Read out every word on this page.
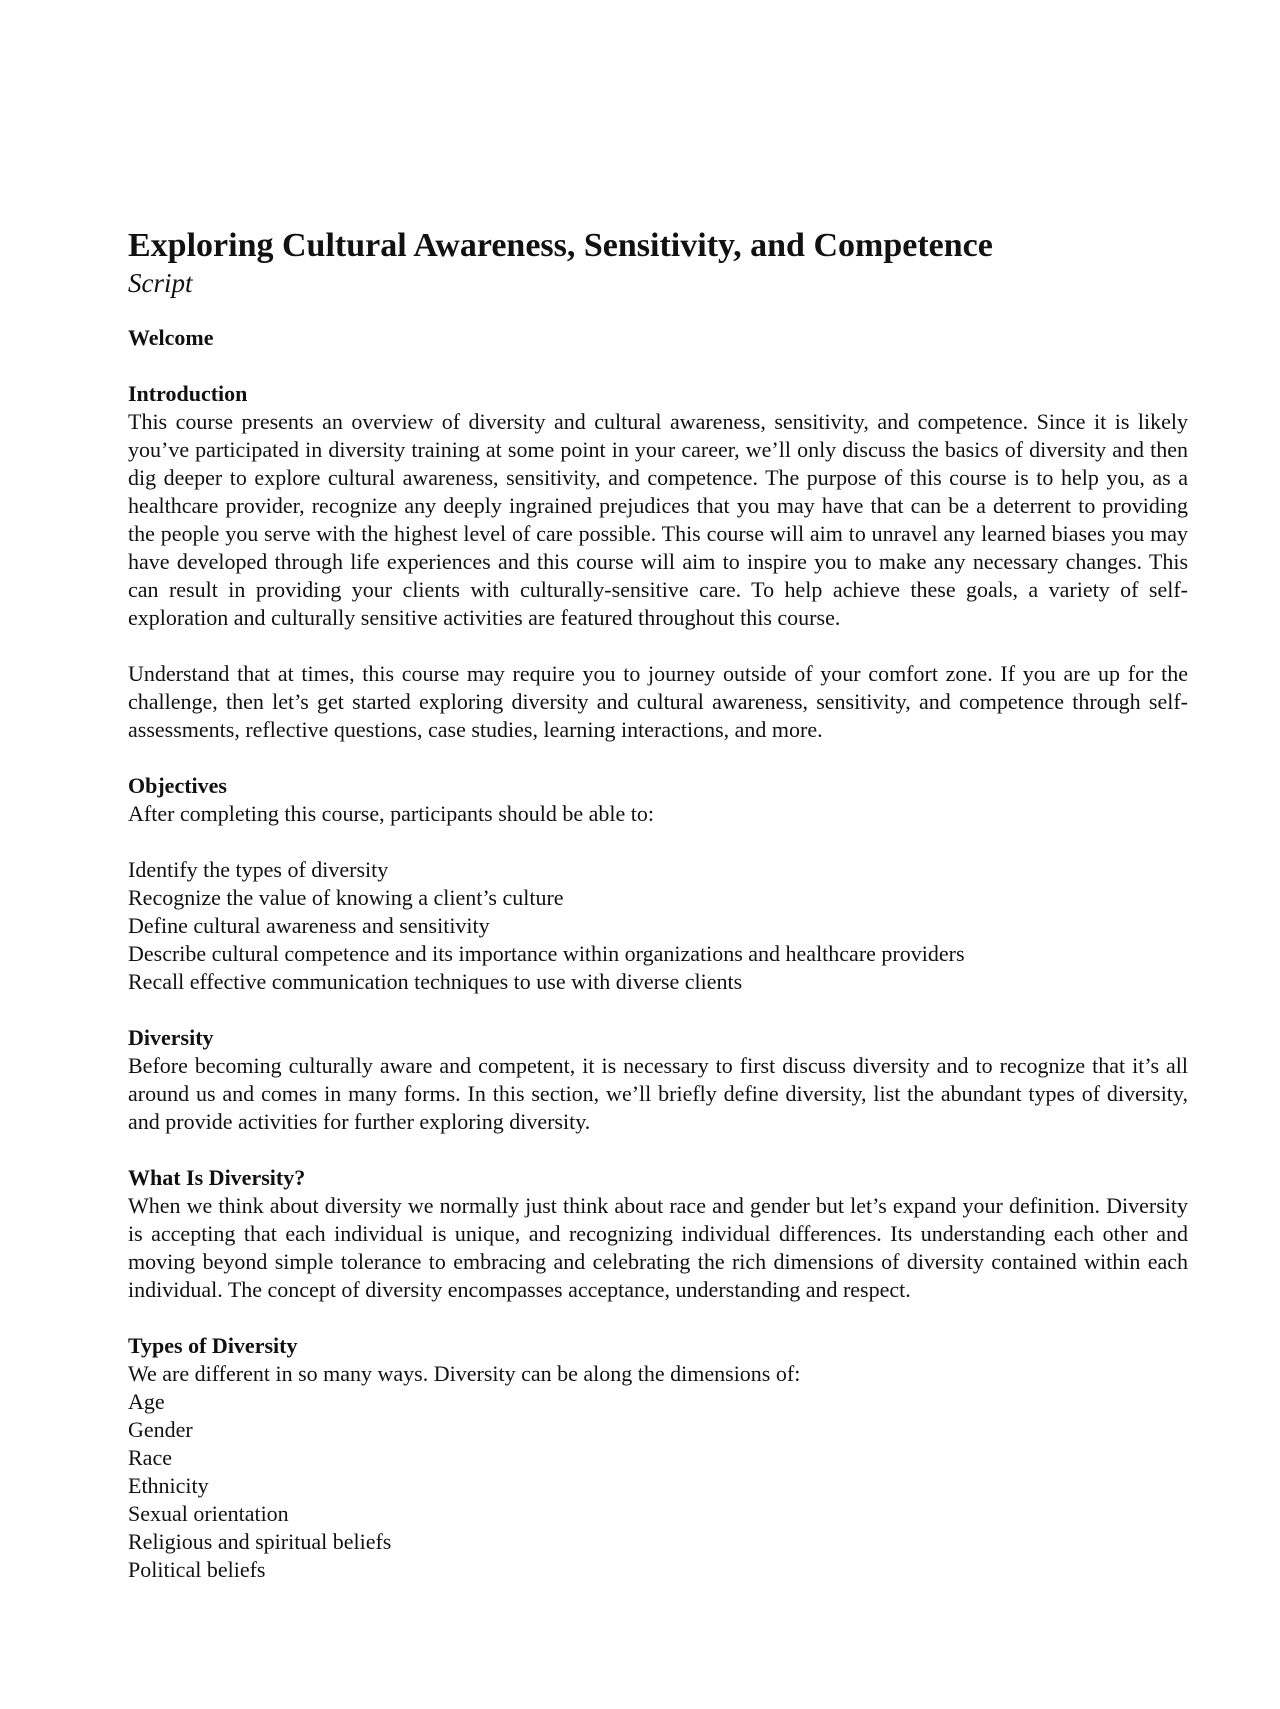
Exploring Cultural Awareness, Sensitivity, and Competence
Script
Welcome
Introduction

This course presents an overview of diversity and cultural awareness, sensitivity, and competence. Since it is likely you’ve participated in diversity training at some point in your career, we’ll only discuss the basics of diversity and then dig deeper to explore cultural awareness, sensitivity, and competence. The purpose of this course is to help you, as a healthcare provider, recognize any deeply ingrained prejudices that you may have that can be a deterrent to providing the people you serve with the highest level of care possible. This course will aim to unravel any learned biases you may have developed through life experiences and this course will aim to inspire you to make any necessary changes. This can result in providing your clients with culturally-sensitive care. To help achieve these goals, a variety of self-exploration and culturally sensitive activities are featured throughout this course.

Understand that at times, this course may require you to journey outside of your comfort zone. If you are up for the challenge, then let’s get started exploring diversity and cultural awareness, sensitivity, and competence through self-assessments, reflective questions, case studies, learning interactions, and more.

Objectives

After completing this course, participants should be able to:

Identify the types of diversity
Recognize the value of knowing a client’s culture
Define cultural awareness and sensitivity
Describe cultural competence and its importance within organizations and healthcare providers
Recall effective communication techniques to use with diverse clients
Diversity

Before becoming culturally aware and competent, it is necessary to first discuss diversity and to recognize that it’s all around us and comes in many forms. In this section, we’ll briefly define diversity, list the abundant types of diversity, and provide activities for further exploring diversity.

What Is Diversity?

When we think about diversity we normally just think about race and gender but let’s expand your definition. Diversity is accepting that each individual is unique, and recognizing individual differences. Its understanding each other and moving beyond simple tolerance to embracing and celebrating the rich dimensions of diversity contained within each individual. The concept of diversity encompasses acceptance, understanding and respect.

Types of Diversity

We are different in so many ways. Diversity can be along the dimensions of:

Age
Gender
Race
Ethnicity
Sexual orientation
Religious and spiritual beliefs
Political beliefs
